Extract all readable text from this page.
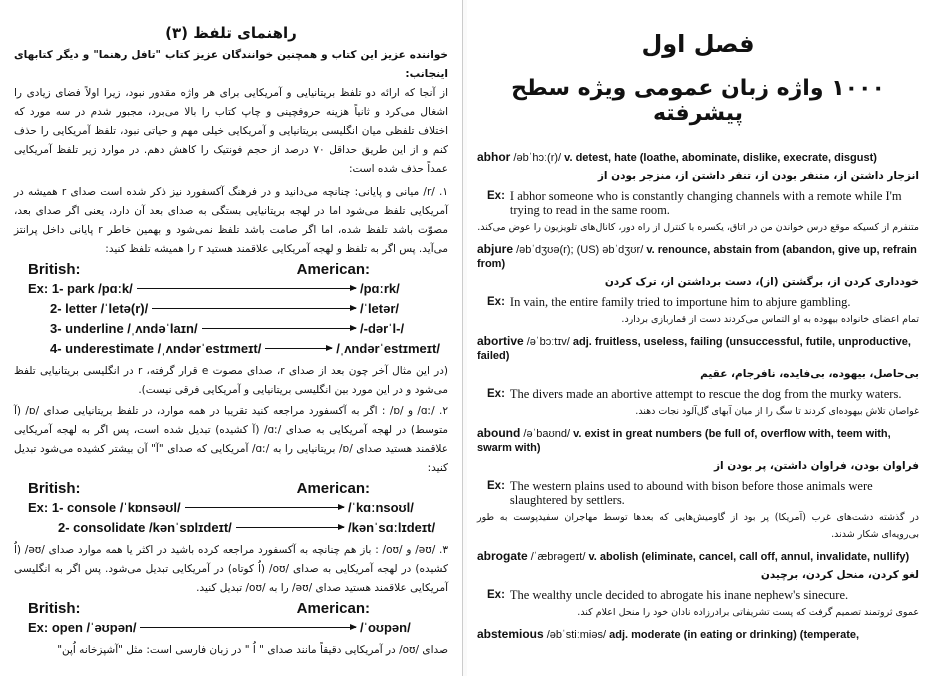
راهنمای تلفظ (۳)
خواننده عزیز این کتاب و همچنین خوانندگان عزیز کتاب "تافل رهنما" و دیگر کتابهای اینجانب:
از آنجا که ارائه دو تلفظ بریتانیایی و آمریکایی برای هر واژه مقدور نبود، زیرا اولاً فضای زیادی را اشغال می‌کرد و ثانیاً هزینه حروفچینی و چاپ کتاب را بالا می‌برد، مجبور شدم در سه مورد که اختلاف تلفظی میان انگلیسی بریتانیایی و آمریکایی خیلی مهم و حیاتی نبود، تلفظ آمریکایی را حذف کنم و از این طریق حداقل ۷۰ درصد از حجم فونتیک را کاهش دهم. در موارد زیر تلفظ آمریکایی عمداً حذف شده است:
۱. /r/ میانی و پایانی: چنانچه می‌دانید و در فرهنگ آکسفورد نیز ذکر شده است صدای r همیشه در آمریکایی تلفظ می‌شود اما در لهجه بریتانیایی بستگی به صدای بعد آن دارد، یعنی اگر صدای بعد، مصوّت باشد تلفظ شده، اما اگر صامت باشد تلفظ نمی‌شود و بهمین خاطر r پایانی داخل پرانتز می‌آید. پس اگر به تلفظ و لهجه آمریکایی علاقمند هستید r را همیشه تلفظ کنید:
British:	American:
Ex: 1- park /pɑːk/	/pɑːrk/
2- letter /ˈletə(r)/	/ˈletər/
3- underline /ˌʌndəˈlaɪn/	/-dərˈl-/
4- underestimate /ˌʌndərˈestɪmeɪt/	/ˌʌndərˈestɪmeɪt/
(در این مثال آخر چون بعد از صدای r، صدای مصوت e قرار گرفته، r در انگلیسی بریتانیایی تلفظ می‌شود و در این مورد بین انگلیسی بریتانیایی و آمریکایی فرقی نیست).
۲. /ɑː/ و /ɒ/ : اگر به آکسفورد مراجعه کنید تقریبا در همه موارد، در تلفظ بریتانیایی صدای /ɒ/ (آ متوسط) در لهجه آمریکایی به صدای /ɑː/ (آ کشیده) تبدیل شده است، پس اگر به لهجه آمریکایی علاقمند هستید صدای /ɒ/ بریتانیایی را به /ɑː/ آمریکایی که صدای "آ" آن بیشتر کشیده می‌شود تبدیل کنید:
British:	American:
Ex: 1- console /ˈkɒnsəʊl/	/ˈkɑːnsoʊl/
2- consolidate /kənˈsɒlɪdeɪt/	/kənˈsɑːlɪdeɪt/
۳. /əʊ/ و /oʊ/ : باز هم چنانچه به آکسفورد مراجعه کرده باشید در اکثر یا همه موارد صدای /əʊ/ (اُ کشیده) در لهجه آمریکایی به صدای /oʊ/ (اُ کوتاه) در آمریکایی تبدیل می‌شود. پس اگر به انگلیسی آمریکایی علاقمند هستید صدای /əʊ/ را به /oʊ/ تبدیل کنید.
British:	American:
Ex: open /ˈəʊpən/	/ˈoʊpən/
صدای /oʊ/ در آمریکایی دقیقاً مانند صدای " اُ " در زبان فارسی است: مثل "آشپزخانه اُپن"
فصل اول
۱۰۰۰ واژه زبان عمومی ویژه سطح پیشرفته
abhor /əbˈhɔː(r)/ v. detest, hate (loathe, abominate, dislike, execrate, disgust)
انزجار داشتن از، متنفر بودن از، تنفر داشتن از، منزجر بودن از
Ex: I abhor someone who is constantly changing channels with a remote while I'm trying to read in the same room.
متنفرم از کسیکه موقع درس خواندن من در اتاق، یکسره با کنترل از راه دور، کانال‌های تلویزیون را عوض می‌کند.
abjure /əbˈdʒʊə(r); (US) əbˈdʒʊr/ v. renounce, abstain from (abandon, give up, refrain from)
خودداری کردن از، برگشتن (از)، دست برداشتن از، ترک کردن
Ex: In vain, the entire family tried to importune him to abjure gambling.
تمام اعضای خانواده بیهوده به او التماس می‌کردند دست از قماربازی بردارد.
abortive /əˈbɔːtɪv/ adj. fruitless, useless, failing (unsuccessful, futile, unproductive, failed)
بی‌حاصل، بیهوده، بی‌فایده، نافرجام، عقیم
Ex: The divers made an abortive attempt to rescue the dog from the murky waters.
غواصان تلاش بیهوده‌ای کردند تا سگ را از میان آبهای گل‌آلود نجات دهند.
abound /əˈbaʊnd/ v. exist in great numbers (be full of, overflow with, teem with, swarm with)
فراوان بودن، فراوان داشتن، پر بودن از
Ex: The western plains used to abound with bison before those animals were slaughtered by settlers.
در گذشته دشت‌های غرب (آمریکا) پر بود از گاومیش‌هایی که بعدها توسط مهاجران سفیدپوست به طور بی‌رویه‌ای شکار شدند.
abrogate /ˈæbrəgeɪt/ v. abolish (eliminate, cancel, call off, annul, invalidate, nullify)
لغو کردن، منحل کردن، برچیدن
Ex: The wealthy uncle decided to abrogate his inane nephew's sinecure.
عموی ثروتمند تصمیم گرفت که پست تشریفاتی برادرزاده نادان خود را منحل اعلام کند.
abstemious /əbˈstiːmiəs/ adj. moderate (in eating or drinking) (temperate,
